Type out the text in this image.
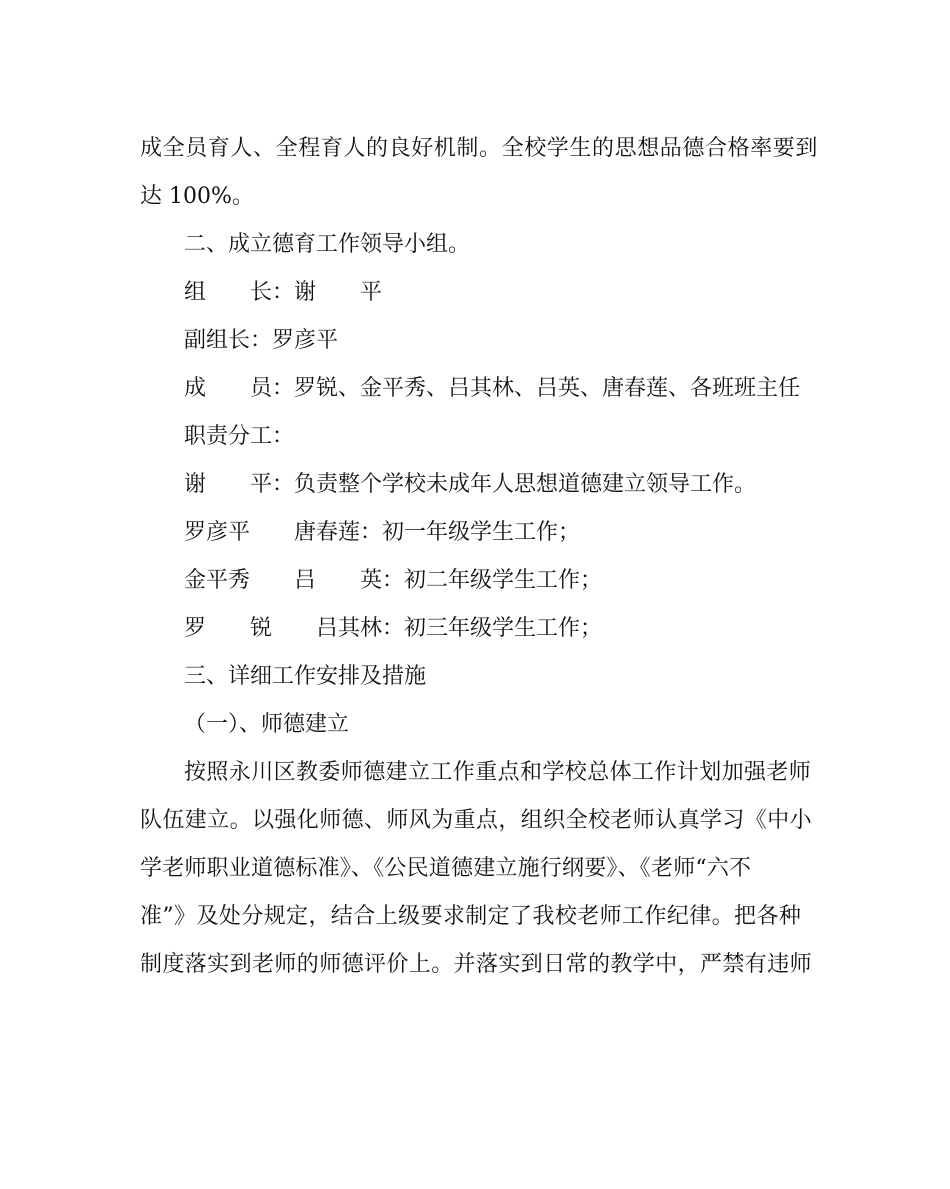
成全员育人、全程育人的良好机制。全校学生的思想品德合格率要到
达 100%。
二、成立德育工作领导小组。
组　　长：谢　　平
副组长：罗彦平
成　　员：罗锐、金平秀、吕其林、吕英、唐春莲、各班班主任
职责分工：
谢　　平：负责整个学校未成年人思想道德建立领导工作。
罗彦平　　唐春莲：初一年级学生工作；
金平秀　　吕　　英：初二年级学生工作；
罗　　锐　　吕其林：初三年级学生工作；
三、详细工作安排及措施
（一）、师德建立
按照永川区教委师德建立工作重点和学校总体工作计划加强老师
队伍建立。以强化师德、师风为重点，组织全校老师认真学习《中小
学老师职业道德标准》、《公民道德建立施行纲要》、《老师“六不
准”》及处分规定，结合上级要求制定了我校老师工作纪律。把各种
制度落实到老师的师德评价上。并落实到日常的教学中，严禁有违师
